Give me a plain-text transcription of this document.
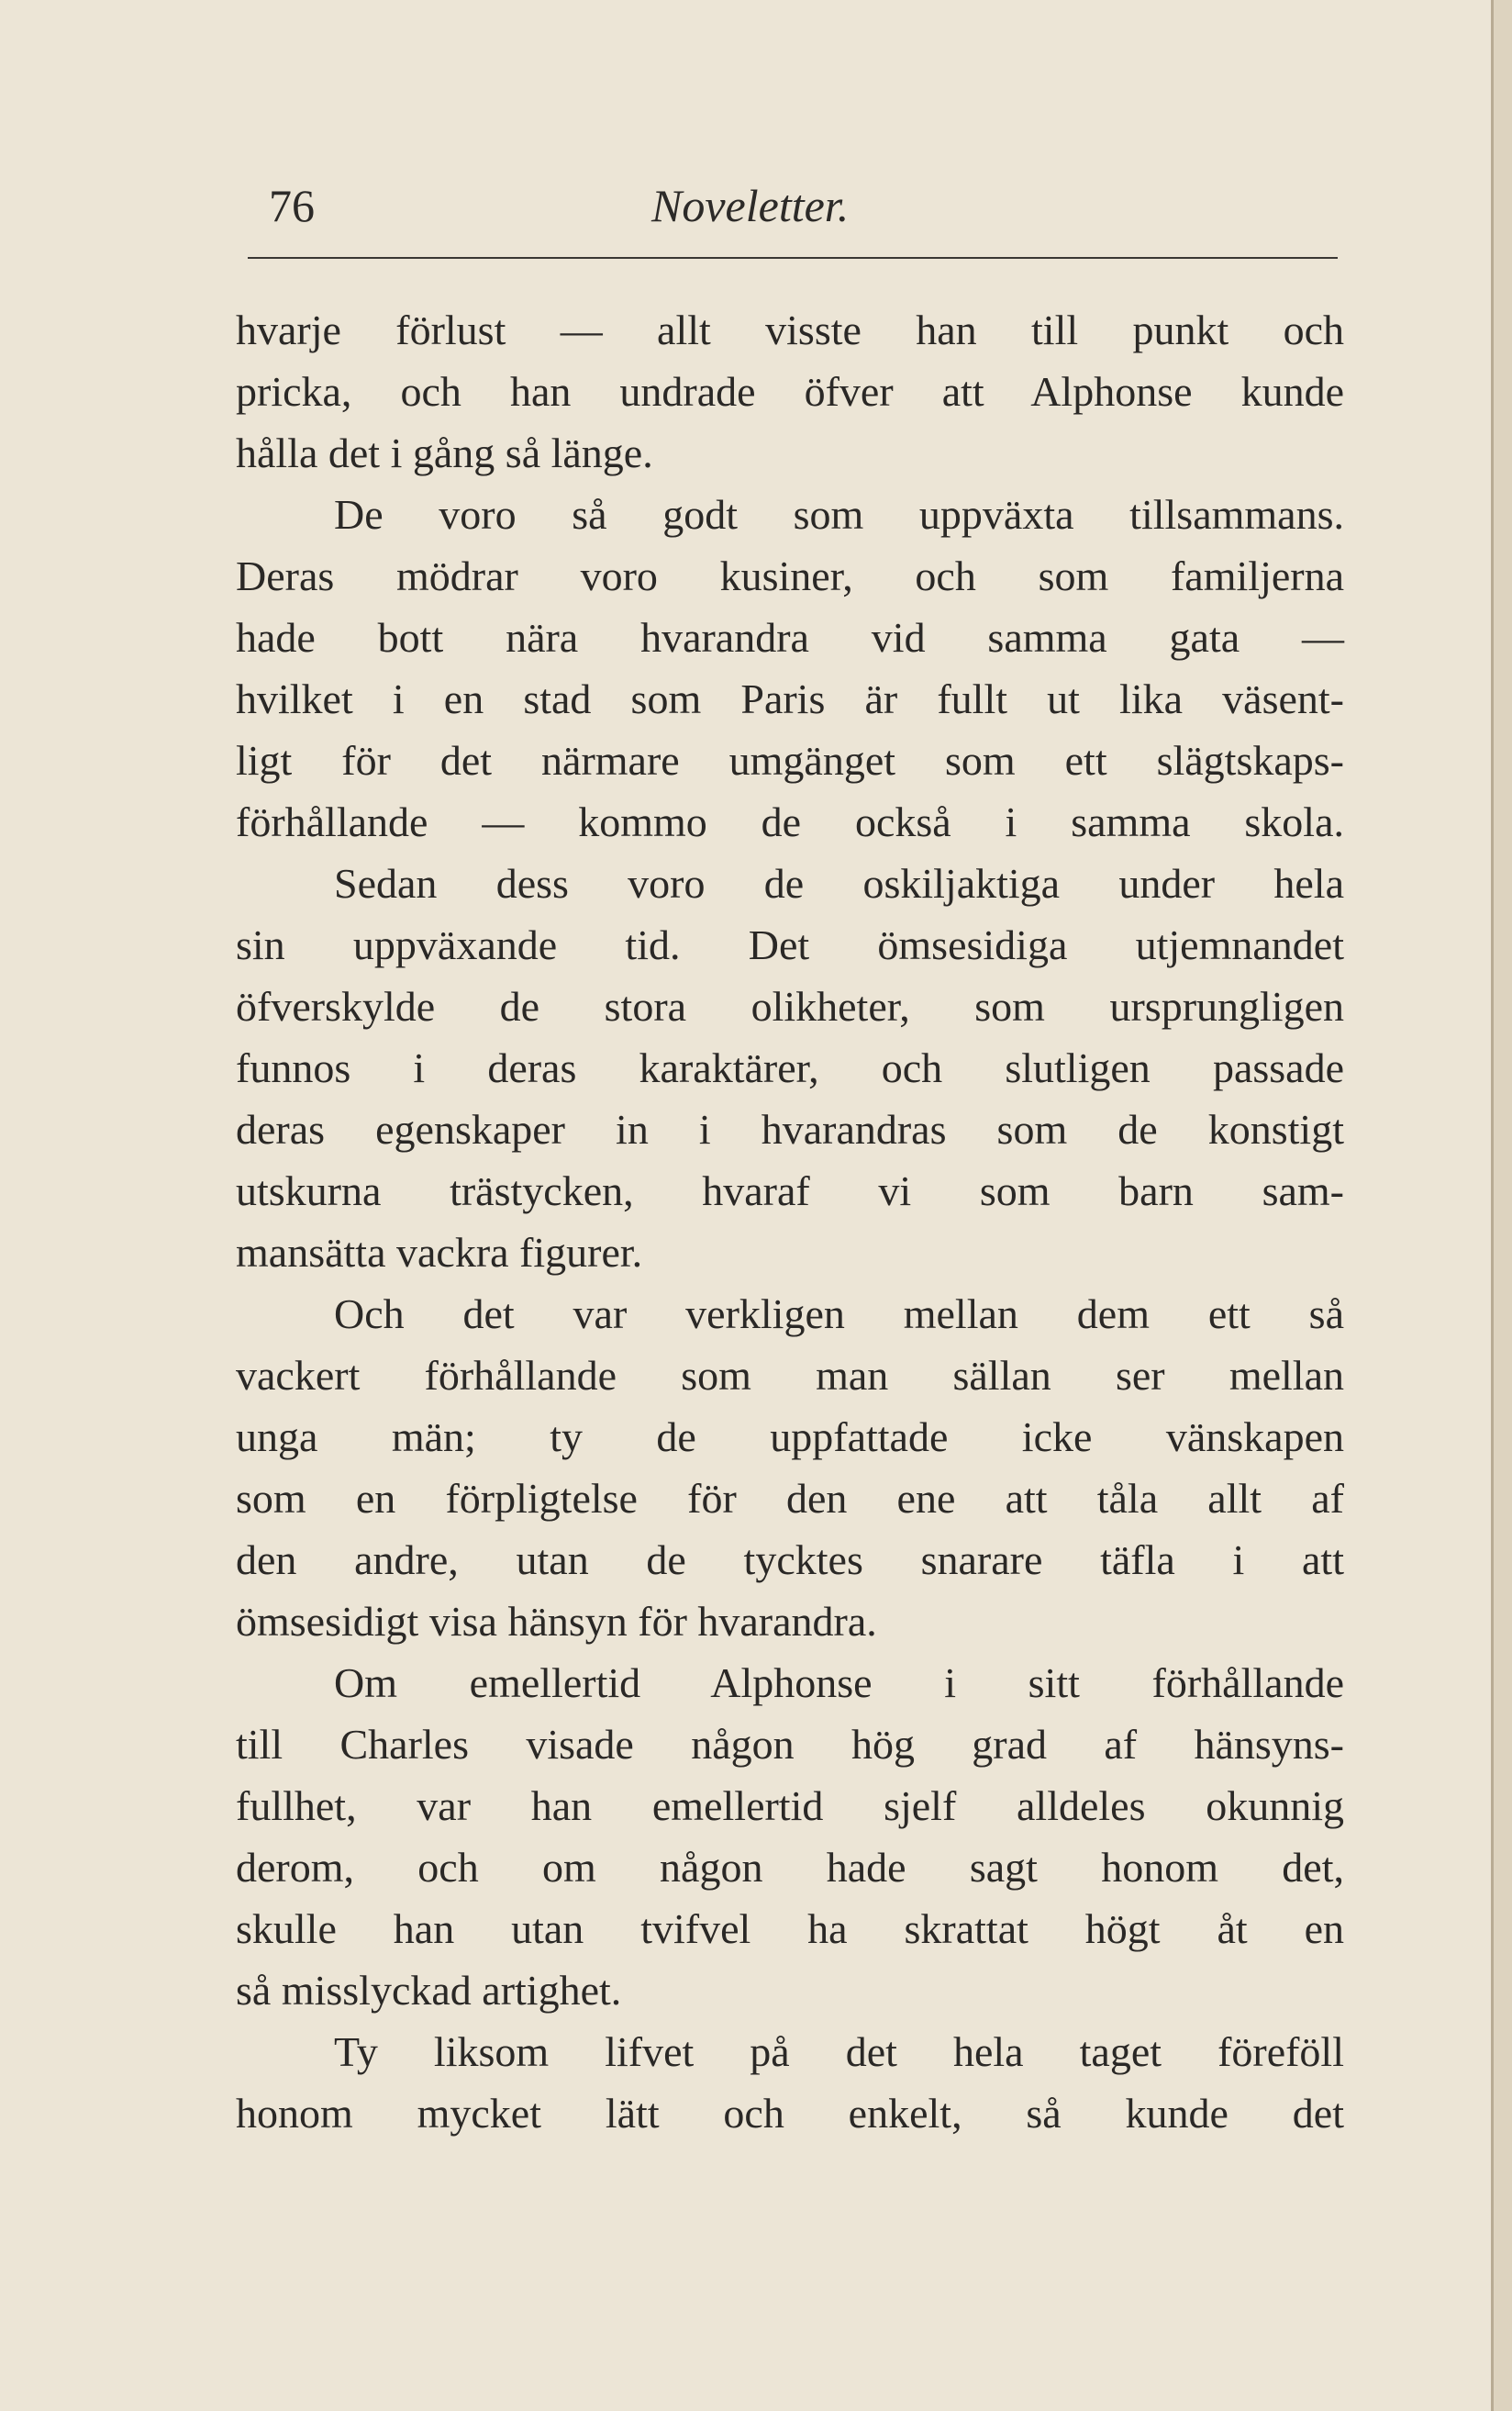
76	Noveletter.
hvarje förlust — allt visste han till punkt och
pricka, och han undrade öfver att Alphonse kunde
hålla det i gång så länge.
De voro så godt som uppväxta tillsammans.
Deras mödrar voro kusiner, och som familjerna
hade bott nära hvarandra vid samma gata —
hvilket i en stad som Paris är fullt ut lika väsent-
ligt för det närmare umgänget som ett slägtskaps-
förhållande — kommo de också i samma skola.
Sedan dess voro de oskiljaktiga under hela
sin uppväxande tid. Det ömsesidiga utjemnandet
öfverskylde de stora olikheter, som ursprungligen
funnos i deras karaktärer, och slutligen passade
deras egenskaper in i hvarandras som de konstigt
utskurna trästycken, hvaraf vi som barn sam-
mansätta vackra figurer.
Och det var verkligen mellan dem ett så
vackert förhållande som man sällan ser mellan
unga män; ty de uppfattade icke vänskapen
som en förpligtelse för den ene att tåla allt af
den andre, utan de tycktes snarare täfla i att
ömsesidigt visa hänsyn för hvarandra.
Om emellertid Alphonse i sitt förhållande
till Charles visade någon hög grad af hänsyns-
fullhet, var han emellertid sjelf alldeles okunnig
derom, och om någon hade sagt honom det,
skulle han utan tvifvel ha skrattat högt åt en
så misslyckad artighet.
Ty liksom lifvet på det hela taget föreföll
honom mycket lätt och enkelt, så kunde det
